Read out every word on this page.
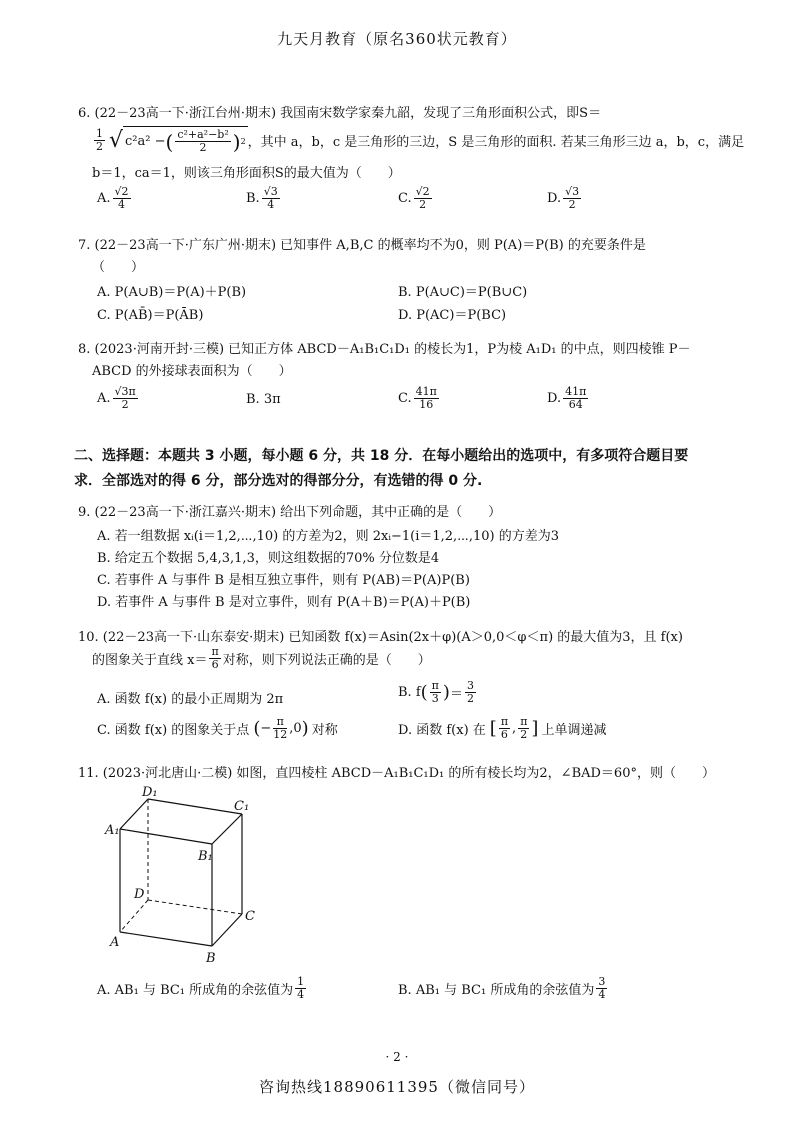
九天月教育（原名360状元教育）
6. (22－23高一下·浙江台州·期末) 我国南宋数学家秦九韶，发现了三角形面积公式，即S＝
$\frac{1}{2}$ √ c²a² − ( $\frac{\text{c²+a²−b²}}{2}$ ) 2 ，其中 a，b，c 是三角形的三边，S 是三角形的面积. 若某三角形三边 a，b，c，满足
b＝1，ca＝1，则该三角形面积S的最大值为（　　）
A. $\frac{√2}{4}$	B. $\frac{√3}{4}$	C. $\frac{√2}{2}$	D. $\frac{√3}{2}$
7. (22－23高一下·广东广州·期末) 已知事件 A,B,C 的概率均不为0，则 P(A)＝P(B) 的充要条件是
（　　）
A. P(A∪B)＝P(A)＋P(B)	B. P(A∪C)＝P(B∪C)
C. P(AB̄)＝P(ĀB)	D. P(AC)＝P(BC)
8. (2023·河南开封·三模) 已知正方体 ABCD－A₁B₁C₁D₁ 的棱长为1，P为棱 A₁D₁ 的中点，则四棱锥 P－
ABCD 的外接球表面积为（　　）
A. $\frac{√3\pi}{2}$	B. 3π	C. $\frac{41\pi}{16}$	D. $\frac{41\pi}{64}$
二、选择题：本题共 3 小题，每小题 6 分，共 18 分．在每小题给出的选项中，有多项符合题目要
求．全部选对的得 6 分，部分选对的得部分分，有选错的得 0 分.
9. (22－23高一下·浙江嘉兴·期末) 给出下列命题，其中正确的是（　　）
A. 若一组数据 xᵢ(i＝1,2,⋯,10) 的方差为2，则 2xᵢ−1(i＝1,2,⋯,10) 的方差为3
B. 给定五个数据 5,4,3,1,3，则这组数据的70% 分位数是4
C. 若事件 A 与事件 B 是相互独立事件，则有 P(AB)＝P(A)P(B)
D. 若事件 A 与事件 B 是对立事件，则有 P(A＋B)＝P(A)＋P(B)
10. (22－23高一下·山东泰安·期末) 已知函数 f(x)＝Asin(2x＋φ)(A＞0,0＜φ＜π) 的最大值为3，且 f(x)
的图象关于直线 $x= \frac{\pi}{6}$ 对称，则下列说法正确的是（　　）
A. 函数 f(x) 的最小正周期为 2π	B. f ( $\frac{\pi}{3}$ ) ＝ $\frac{3}{2}$
C. 函数 f(x) 的图象关于点 ( − $\frac{\pi}{12} ,0$ ) 对称	D. 函数 f(x) 在 [ $\frac{\pi}{6}$ , $\frac{\pi}{2}$ ] 上单调递减
11. (2023·河北唐山·二模) 如图，直四棱柱 ABCD－A₁B₁C₁D₁ 的所有棱长均为2，∠BAD＝60°，则（　　）
D₁
C₁
A₁
B₁
D
C
A
B
A. AB₁ 与 BC₁ 所成角的余弦值为 $\frac{1}{4}$	B. AB₁ 与 BC₁ 所成角的余弦值为 $\frac{3}{4}$
· 2 ·
咨询热线18890611395（微信同号）
